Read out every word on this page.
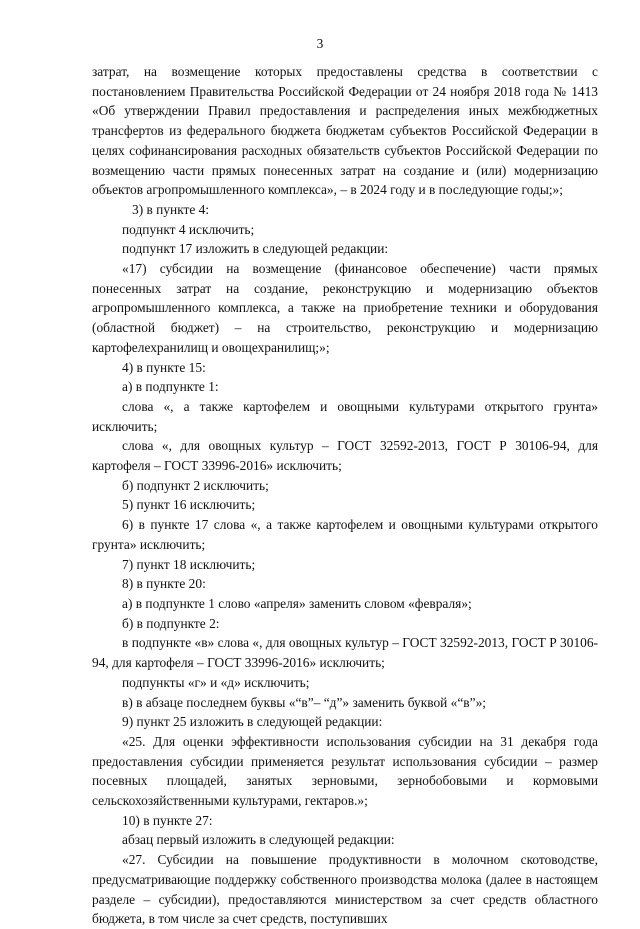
3

затрат, на возмещение которых предоставлены средства в соответствии с постановлением Правительства Российской Федерации от 24 ноября 2018 года № 1413 «Об утверждении Правил предоставления и распределения иных межбюджетных трансфертов из федерального бюджета бюджетам субъектов Российской Федерации в целях софинансирования расходных обязательств субъектов Российской Федерации по возмещению части прямых понесенных затрат на создание и (или) модернизацию объектов агропромышленного комплекса», – в 2024 году и в последующие годы;»;

3) в пункте 4:

подпункт 4 исключить;

подпункт 17 изложить в следующей редакции:

«17) субсидии на возмещение (финансовое обеспечение) части прямых понесенных затрат на создание, реконструкцию и модернизацию объектов агропромышленного комплекса, а также на приобретение техники и оборудования (областной бюджет) – на строительство, реконструкцию и модернизацию картофелехранилищ и овощехранилищ;»;

4) в пункте 15:

а) в подпункте 1:

слова «, а также картофелем и овощными культурами открытого грунта» исключить;

слова «, для овощных культур – ГОСТ 32592-2013, ГОСТ Р 30106-94, для картофеля – ГОСТ 33996-2016» исключить;

б) подпункт 2 исключить;

5) пункт 16 исключить;

6) в пункте 17 слова «, а также картофелем и овощными культурами открытого грунта» исключить;

7) пункт 18 исключить;

8) в пункте 20:

а) в подпункте 1 слово «апреля» заменить словом «февраля»;

б) в подпункте 2:

в подпункте «в» слова «, для овощных культур – ГОСТ 32592-2013, ГОСТ Р 30106-94, для картофеля – ГОСТ 33996-2016» исключить;

подпункты «г» и «д» исключить;

в) в абзаце последнем буквы «“в”– “д”» заменить буквой «“в”»;

9) пункт 25 изложить в следующей редакции:

«25. Для оценки эффективности использования субсидии на 31 декабря года предоставления субсидии применяется результат использования субсидии – размер посевных площадей, занятых зерновыми, зернобобовыми и кормовыми сельскохозяйственными культурами, гектаров.»;

10) в пункте 27:

абзац первый изложить в следующей редакции:

«27. Субсидии на повышение продуктивности в молочном скотоводстве, предусматривающие поддержку собственного производства молока (далее в настоящем разделе – субсидии), предоставляются министерством за счет средств областного бюджета, в том числе за счет средств, поступивших
